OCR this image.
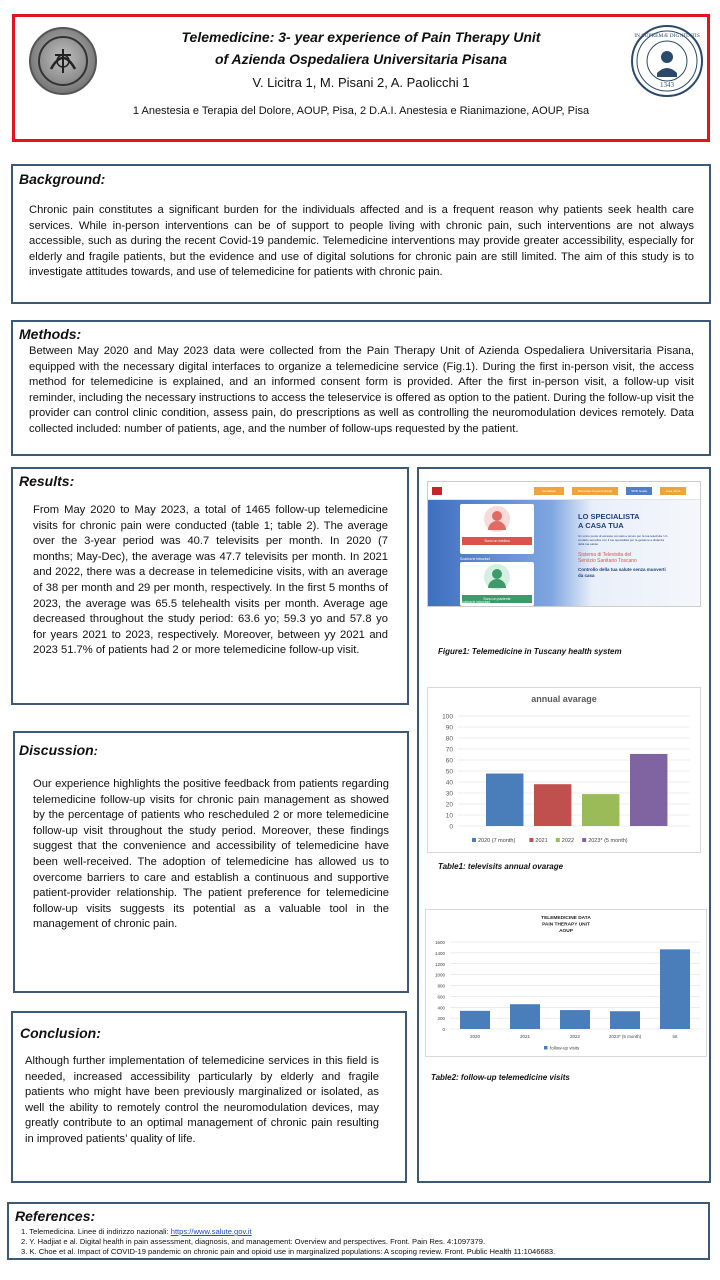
Telemedicine: 3- year experience of Pain Therapy Unit
of Azienda Ospedaliera Universitaria Pisana
V. Licitra 1, M. Pisani 2, A. Paolicchi 1
1 Anestesia e Terapia del Dolore, AOUP, Pisa, 2 D.A.I. Anestesia e Rianimazione, AOUP, Pisa
IN SUPREMÆ DIGNITATIS
1343
Background:
Chronic pain constitutes a significant burden for the individuals affected and is a frequent reason why patients seek health care services. While in-person interventions can be of support to people living with chronic pain, such interventions are not always accessible, such as during the recent Covid-19 pandemic. Telemedicine interventions may provide greater accessibility, especially for elderly and fragile patients, but the evidence and use of digital solutions for chronic pain are still limited. The aim of this study is to investigate attitudes towards, and use of telemedicine for patients with chronic pain.
Methods:
Between May 2020 and May 2023 data were collected from the Pain Therapy Unit of Azienda Ospedaliera Universitaria Pisana, equipped with the necessary digital interfaces to organize a telemedicine service (Fig.1). During the first in-person visit, the access method for telemedicine is explained, and an informed consent form is provided. After the first in-person visit, a follow-up visit reminder, including the necessary instructions to access the teleservice is offered as option to the patient. During the follow-up visit the provider can control clinic condition, assess pain, do prescriptions as well as controlling the neuromodulation devices remotely. Data collected included: number of patients, age, and the number of follow-ups requested by the patient.
Results:
From May 2020 to May 2023, a total of 1465 follow-up telemedicine visits for chronic pain were conducted (table 1; table 2). The average over the 3-year period was 40.7 televisits per month. In 2020 (7 months; May-Dec), the average was 47.7 televisits per month. In 2021 and 2022, there was a decrease in telemedicine visits, with an average of 38 per month and 29 per month, respectively. In the first 5 months of 2023, the average was 65.5 telehealth visits per month. Average age decreased throughout the study period: 63.6 yo; 59.3 yo and 57.8 yo for years 2021 to 2023, respectively. Moreover, between yy 2021 and 2023 51.7% of patients had 2 or more telemedicine follow-up visit.
Discussion:
Our experience highlights the positive feedback from patients regarding telemedicine follow-up visits for chronic pain management as showed by the percentage of patients who rescheduled 2 or more telemedicine follow-up visit throughout the study period. Moreover, these findings suggest that the convenience and accessibility of telemedicine have been well-received. The adoption of telemedicine has allowed us to overcome barriers to care and establish a continuous and supportive patient-provider relationship. The patient preference for telemedicine follow-up visits suggests its potential as a valuable tool in the management of chronic pain.
Conclusion:
Although further implementation of telemedicine services in this field is needed, increased accessibility particularly by elderly and fragile patients who might have been previously marginalized or isolated, as well the ability to remotely control the neuromodulation devices, may greatly contribute to an optimal management of chronic pain resulting in improved patients’ quality of life.
Contattaci	Domande frequenti (FAQ)	SPID Guida	Area utenti
Sono un medico
Scarica le istruzioni
Sono un paziente
Scarica le istruzioni
LO SPECIALISTA
A CASA TUA
Un unico punto di accesso comodo e sicuro per la tua televisita. Un contatto semplice con il tuo specialista per la gestione a distanza della tua salute
Sistema di Televisita del
Servizio Sanitario Toscano
Controllo della tua salute senza muoverti da casa
Figure1: Telemedicine in Tuscany health system
annual avarage
100
90
80
70
60
50
40
30
20
10
0
2020 (7 month)	2021	2022	2023* (5 month)
Table1: televisits annual ovarage
TELEMEDICINE DATA
PAIN THERAPY UNIT
AOUP
1600
1400
1200
1000
800
600
400
200
0
2020	2021	2022	2023* (5 month)	tot
follow-up visits
Table2: follow-up telemedicine visits
References:
1. Telemedicina. Linee di indirizzo nazionali: https://www.salute.gov.it
2. Y. Hadjiat e al. Digital health in pain assessment, diagnosis, and management: Overview and perspectives. Front. Pain Res. 4:1097379.
3. K. Choe et al. Impact of COVID-19 pandemic on chronic pain and opioid use in marginalized populations: A scoping review. Front. Public Health 11:1046683.
